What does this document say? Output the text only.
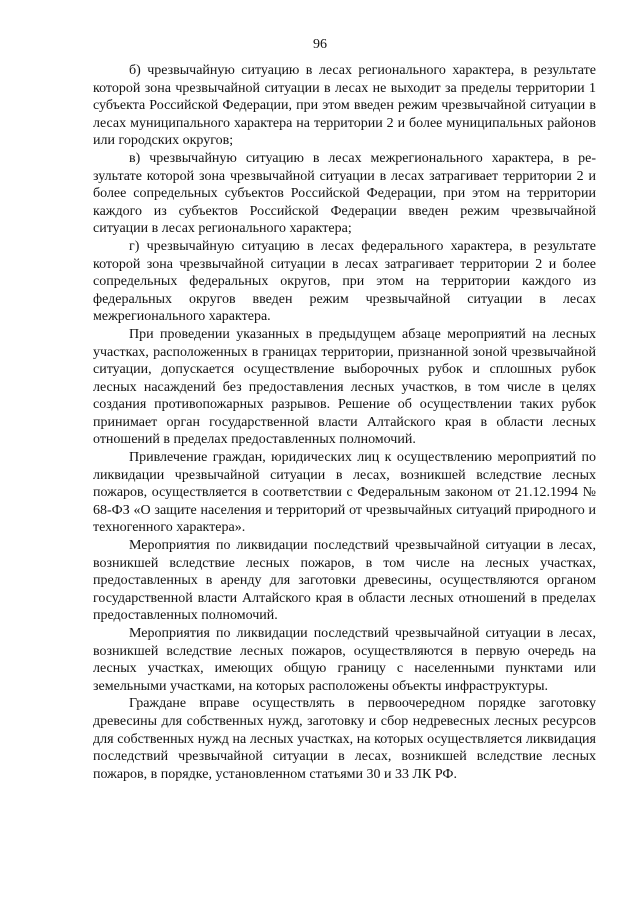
96

б) чрезвычайную ситуацию в лесах регионального характера, в результате которой зона чрезвычайной ситуации в лесах не выходит за пределы территории 1 субъекта Российской Федерации, при этом введен режим чрезвычайной ситуации в лесах муниципального характера на территории 2 и более муниципальных районов или городских округов;

в) чрезвычайную ситуацию в лесах межрегионального характера, в результате которой зона чрезвычайной ситуации в лесах затрагивает территории 2 и более сопредельных субъектов Российской Федерации, при этом на территории каждого из субъектов Российской Федерации введен режим чрезвычайной ситуации в лесах регионального характера;

г) чрезвычайную ситуацию в лесах федерального характера, в результате которой зона чрезвычайной ситуации в лесах затрагивает территории 2 и более сопредельных федеральных округов, при этом на территории каждого из федеральных округов введен режим чрезвычайной ситуации в лесах межрегионального характера.

При проведении указанных в предыдущем абзаце мероприятий на лесных участках, расположенных в границах территории, признанной зоной чрезвычайной ситуации, допускается осуществление выборочных рубок и сплошных рубок лесных насаждений без предоставления лесных участков, в том числе в целях создания противопожарных разрывов. Решение об осуществлении таких рубок принимает орган государственной власти Алтайского края в области лесных отношений в пределах предоставленных полномочий.

Привлечение граждан, юридических лиц к осуществлению мероприятий по ликвидации чрезвычайной ситуации в лесах, возникшей вследствие лесных пожаров, осуществляется в соответствии с Федеральным законом от 21.12.1994 № 68-ФЗ «О защите населения и территорий от чрезвычайных ситуаций природного и техногенного характера».

Мероприятия по ликвидации последствий чрезвычайной ситуации в лесах, возникшей вследствие лесных пожаров, в том числе на лесных участках, предоставленных в аренду для заготовки древесины, осуществляются органом государственной власти Алтайского края в области лесных отношений в пределах предоставленных полномочий.

Мероприятия по ликвидации последствий чрезвычайной ситуации в лесах, возникшей вследствие лесных пожаров, осуществляются в первую очередь на лесных участках, имеющих общую границу с населенными пунктами или земельными участками, на которых расположены объекты инфраструктуры.

Граждане вправе осуществлять в первоочередном порядке заготовку древесины для собственных нужд, заготовку и сбор недревесных лесных ресурсов для собственных нужд на лесных участках, на которых осуществляется ликвидация последствий чрезвычайной ситуации в лесах, возникшей вследствие лесных пожаров, в порядке, установленном статьями 30 и 33 ЛК РФ.
